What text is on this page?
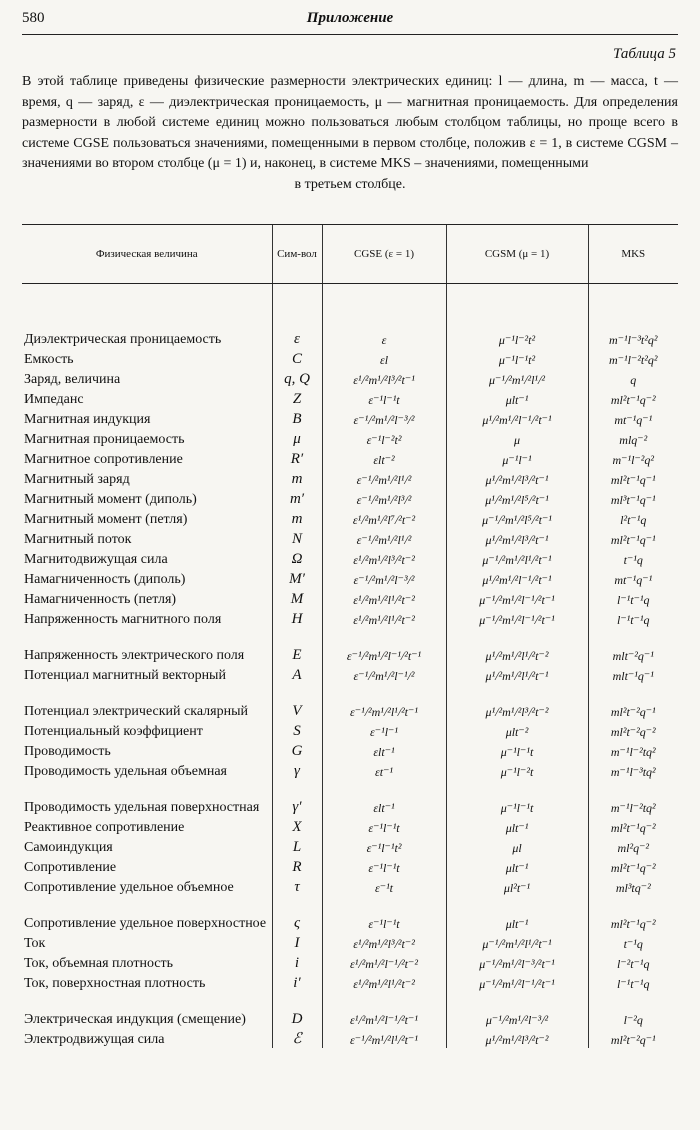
580	Приложение
Таблица 5
В этой таблице приведены физические размерности электрических единиц: l — длина, m — масса, t — время, q — заряд, ε — диэлектрическая проницаемость, μ — магнитная проницаемость. Для определения размерности в любой системе единиц можно пользоваться любым столбцом таблицы, но проще всего в системе CGSE пользоваться значениями, помещенными в первом столбце, положив ε = 1, в системе CGSM – значениями во втором столбце (μ = 1) и, наконец, в системе MKS – значениями, помещенными
в третьем столбце.
Физическая величина	Сим-вол	CGSE (ε = 1)	CGSM (μ = 1)	MKS

Диэлектрическая проницаемость	ε	ε	μ⁻¹l⁻²t²	m⁻¹l⁻³t²q²
Емкость	C	εl	μ⁻¹l⁻¹t²	m⁻¹l⁻²t²q²
Заряд, величина	q, Q	ε¹/²m¹/²l³/²t⁻¹	μ⁻¹/²m¹/²l¹/²	q
Импеданс	Z	ε⁻¹l⁻¹t	μlt⁻¹	ml²t⁻¹q⁻²
Магнитная индукция	B	ε⁻¹/²m¹/²l⁻³/²	μ¹/²m¹/²l⁻¹/²t⁻¹	mt⁻¹q⁻¹
Магнитная проницаемость	μ	ε⁻¹l⁻²t²	μ	mlq⁻²
Магнитное сопротивление	R′	εlt⁻²	μ⁻¹l⁻¹	m⁻¹l⁻²q²
Магнитный заряд	m	ε⁻¹/²m¹/²l¹/²	μ¹/²m¹/²l³/²t⁻¹	ml²t⁻¹q⁻¹
Магнитный момент (диполь)	m′	ε⁻¹/²m¹/²l³/²	μ¹/²m¹/²l⁵/²t⁻¹	ml³t⁻¹q⁻¹
Магнитный момент (петля)	m	ε¹/²m¹/²l⁷/²t⁻²	μ⁻¹/²m¹/²l⁵/²t⁻¹	l²t⁻¹q
Магнитный поток	N	ε⁻¹/²m¹/²l¹/²	μ¹/²m¹/²l³/²t⁻¹	ml²t⁻¹q⁻¹
Магнитодвижущая сила	Ω	ε¹/²m¹/²l³/²t⁻²	μ⁻¹/²m¹/²l¹/²t⁻¹	t⁻¹q
Намагниченность (диполь)	M′	ε⁻¹/²m¹/²l⁻³/²	μ¹/²m¹/²l⁻¹/²t⁻¹	mt⁻¹q⁻¹
Намагниченность (петля)	M	ε¹/²m¹/²l¹/²t⁻²	μ⁻¹/²m¹/²l⁻¹/²t⁻¹	l⁻¹t⁻¹q
Напряженность магнитного поля	H	ε¹/²m¹/²l¹/²t⁻²	μ⁻¹/²m¹/²l⁻¹/²t⁻¹	l⁻¹t⁻¹q
Напряженность электрического поля	E	ε⁻¹/²m¹/²l⁻¹/²t⁻¹	μ¹/²m¹/²l¹/²t⁻²	mlt⁻²q⁻¹
Потенциал магнитный векторный	A	ε⁻¹/²m¹/²l⁻¹/²	μ¹/²m¹/²l¹/²t⁻¹	mlt⁻¹q⁻¹
Потенциал электрический скалярный	V	ε⁻¹/²m¹/²l¹/²t⁻¹	μ¹/²m¹/²l³/²t⁻²	ml²t⁻²q⁻¹
Потенциальный коэффициент	S	ε⁻¹l⁻¹	μlt⁻²	ml²t⁻²q⁻²
Проводимость	G	εlt⁻¹	μ⁻¹l⁻¹t	m⁻¹l⁻²tq²
Проводимость удельная объемная	γ	εt⁻¹	μ⁻¹l⁻²t	m⁻¹l⁻³tq²
Проводимость удельная поверхностная	γ′	εlt⁻¹	μ⁻¹l⁻¹t	m⁻¹l⁻²tq²
Реактивное сопротивление	X	ε⁻¹l⁻¹t	μlt⁻¹	ml²t⁻¹q⁻²
Самоиндукция	L	ε⁻¹l⁻¹t²	μl	ml²q⁻²
Сопротивление	R	ε⁻¹l⁻¹t	μlt⁻¹	ml²t⁻¹q⁻²
Сопротивление удельное объемное	τ	ε⁻¹t	μl²t⁻¹	ml³tq⁻²
Сопротивление удельное поверхностное	ς	ε⁻¹l⁻¹t	μlt⁻¹	ml²t⁻¹q⁻²
Ток	I	ε¹/²m¹/²l³/²t⁻²	μ⁻¹/²m¹/²l¹/²t⁻¹	t⁻¹q
Ток, объемная плотность	i	ε¹/²m¹/²l⁻¹/²t⁻²	μ⁻¹/²m¹/²l⁻³/²t⁻¹	l⁻²t⁻¹q
Ток, поверхностная плотность	i′	ε¹/²m¹/²l¹/²t⁻²	μ⁻¹/²m¹/²l⁻¹/²t⁻¹	l⁻¹t⁻¹q
Электрическая индукция (смещение)	D	ε¹/²m¹/²l⁻¹/²t⁻¹	μ⁻¹/²m¹/²l⁻³/²	l⁻²q
Электродвижущая сила	ℰ	ε⁻¹/²m¹/²l¹/²t⁻¹	μ¹/²m¹/²l³/²t⁻²	ml²t⁻²q⁻¹
